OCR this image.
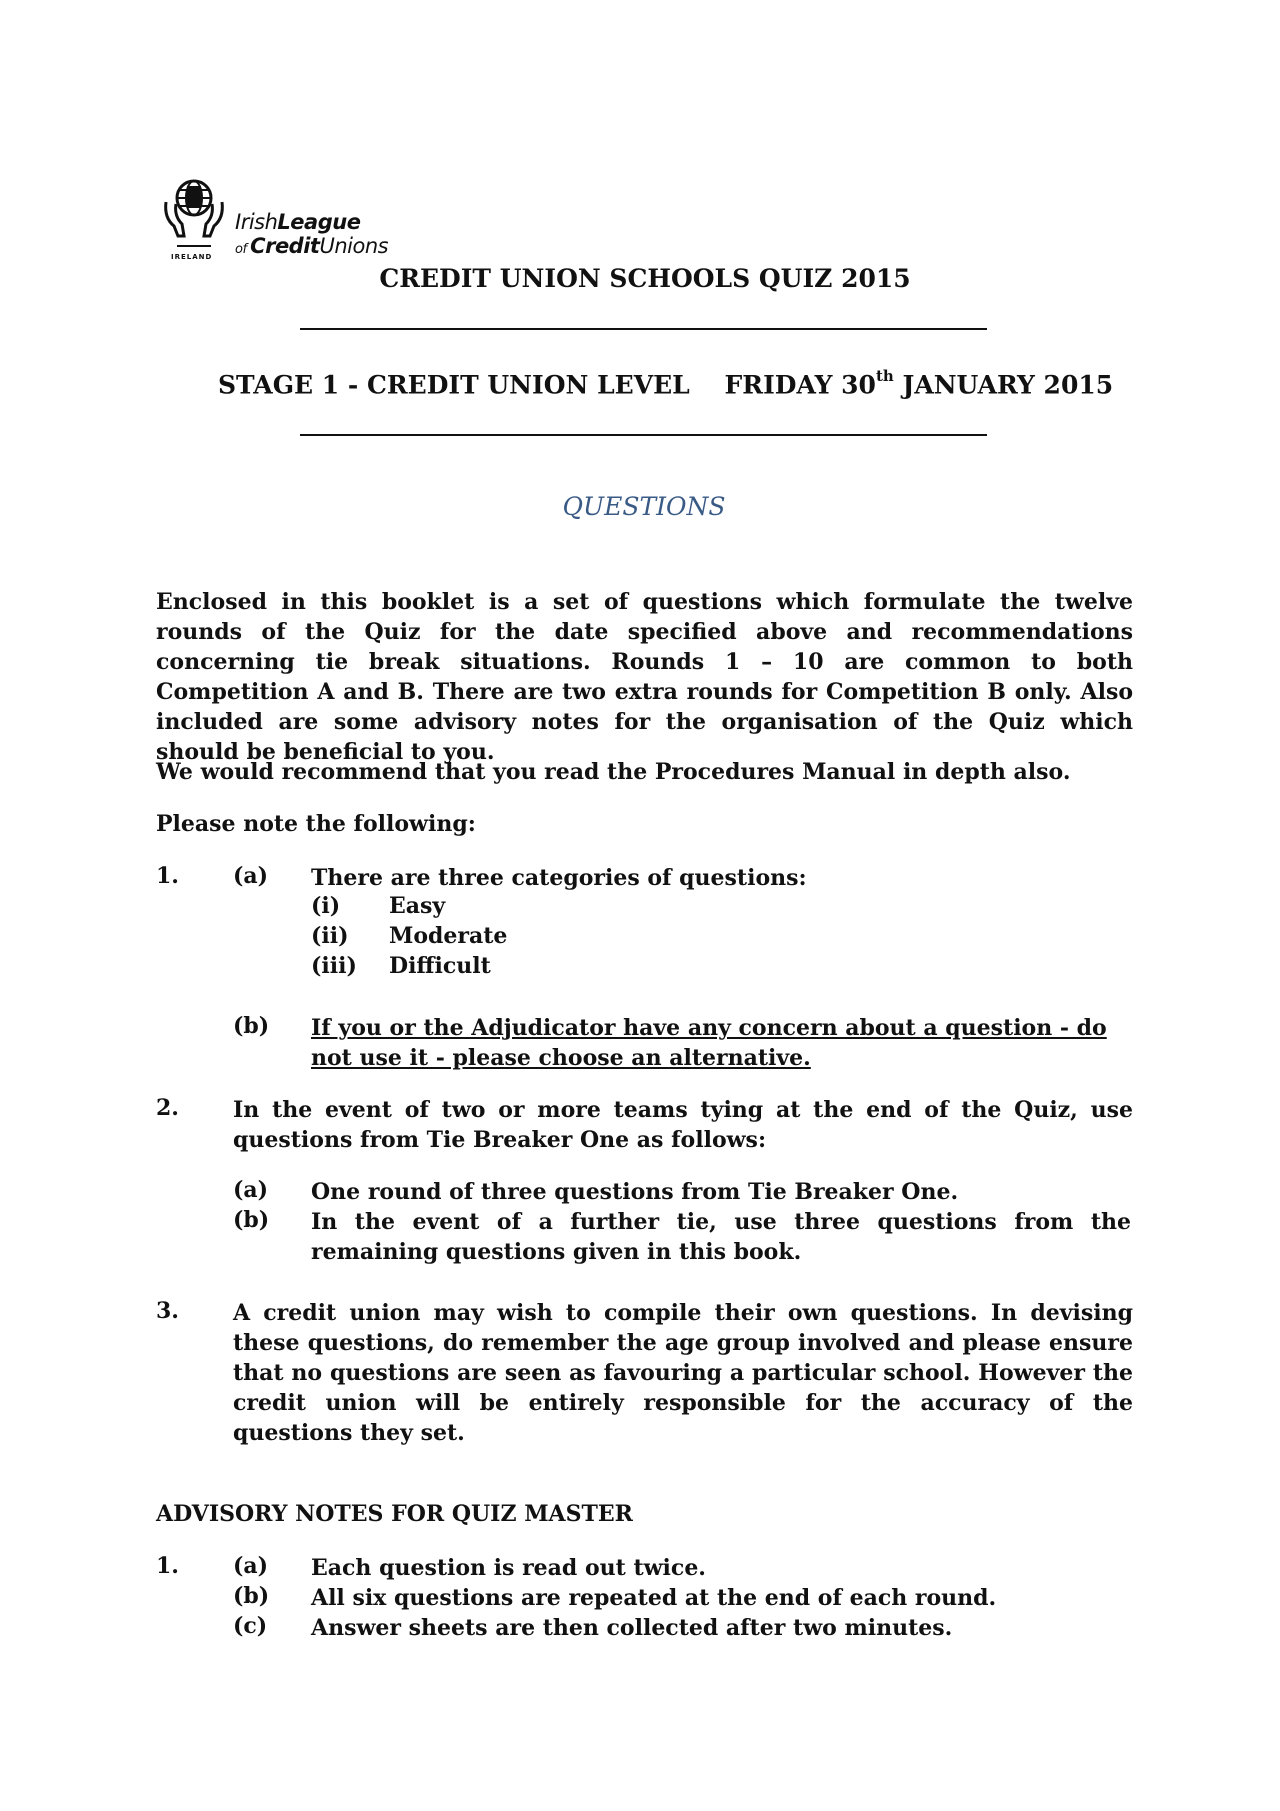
IrishLeague
of CreditUnions
IRELAND
CREDIT UNION SCHOOLS QUIZ 2015
STAGE 1 - CREDIT UNION LEVEL    FRIDAY 30th JANUARY 2015
QUESTIONS
Enclosed in this booklet is a set of questions which formulate the twelve rounds of the Quiz for the date specified above and recommendations concerning tie break situations. Rounds 1 – 10 are common to both Competition A and B. There are two extra rounds for Competition B only. Also included are some advisory notes for the organisation of the Quiz which should be beneficial to you.
We would recommend that you read the Procedures Manual in depth also.
Please note the following:
1. (a) There are three categories of questions:
(i) Easy
(ii) Moderate
(iii) Difficult
(b) If you or the Adjudicator have any concern about a question - do not use it - please choose an alternative.
2. In the event of two or more teams tying at the end of the Quiz, use questions from Tie Breaker One as follows:
(a) One round of three questions from Tie Breaker One.
(b) In the event of a further tie, use three questions from the remaining questions given in this book.
3. A credit union may wish to compile their own questions. In devising these questions, do remember the age group involved and please ensure that no questions are seen as favouring a particular school. However the credit union will be entirely responsible for the accuracy of the questions they set.
ADVISORY NOTES FOR QUIZ MASTER
1. (a) Each question is read out twice.
(b) All six questions are repeated at the end of each round.
(c) Answer sheets are then collected after two minutes.
